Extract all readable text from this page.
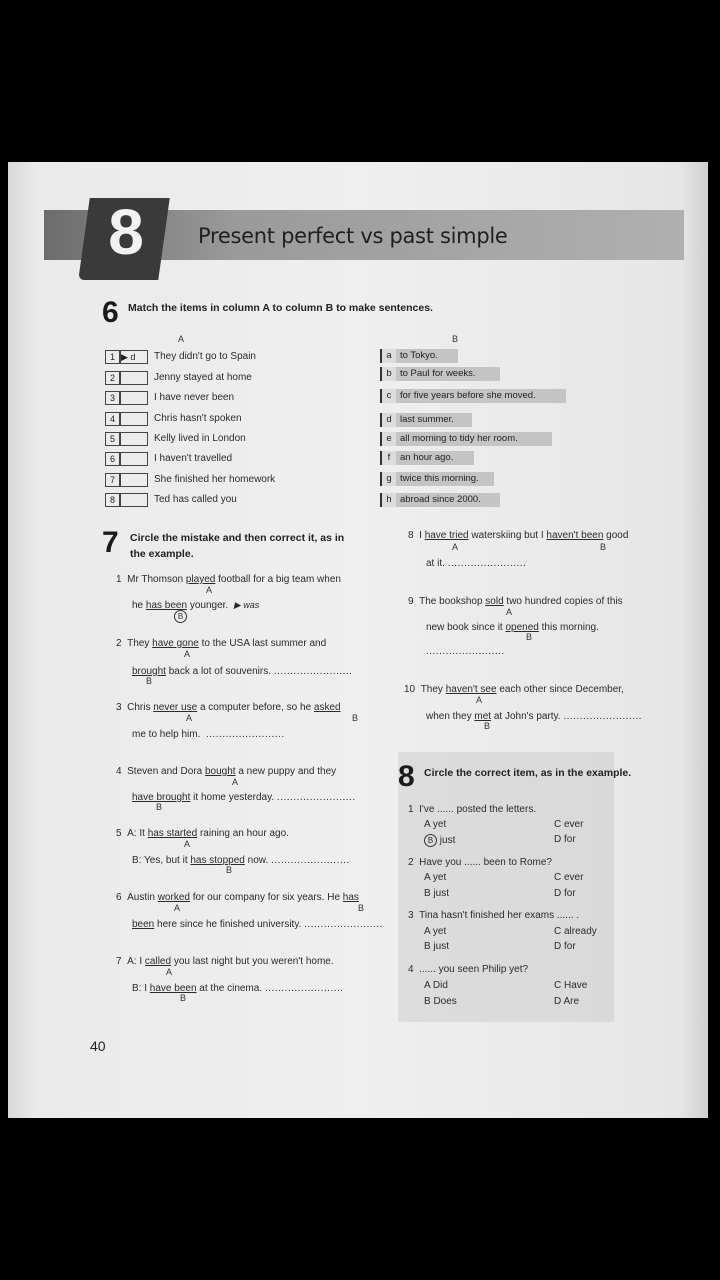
8	Present perfect vs past simple
6 Match the items in column A to column B to make sentences.
A	B
1 ▶ d	They didn't go to Spain
2	Jenny stayed at home
3	I have never been
4	Chris hasn't spoken
5	Kelly lived in London
6	I haven't travelled
7	She finished her homework
8	Ted has called you
a to Tokyo.
b to Paul for weeks.
c for five years before she moved.
d last summer.
e all morning to tidy her room.
f an hour ago.
g twice this morning.
h abroad since 2000.
7 Circle the mistake and then correct it, as in
the example.
1 Mr Thomson played football for a big team when
A
he has been younger. ▶ was
B
2 They have gone to the USA last summer and
A
brought back a lot of souvenirs. ........................
B
3 Chris never use a computer before, so he asked
A	B
me to help him. ........................
4 Steven and Dora bought a new puppy and they
A
have brought it home yesterday. ........................
B
5 A: It has started raining an hour ago.
A
B: Yes, but it has stopped now. ........................
B
6 Austin worked for our company for six years. He has
A	B
been here since he finished university. ........................
7 A: I called you last night but you weren't home.
A
B: I have been at the cinema. ........................
B
8 I have tried waterskiing but I haven't been good
A	B
at it. ........................
9 The bookshop sold two hundred copies of this
A
new book since it opened this morning.
B
........................
10 They haven't see each other since December,
A
when they met at John's party. ........................
B
8 Circle the correct item, as in the example.
1 I've ...... posted the letters.
A yet	C ever
B just	D for
2 Have you ...... been to Rome?
A yet	C ever
B just	D for
3 Tina hasn't finished her exams ...... .
A yet	C already
B just	D for
4 ...... you seen Philip yet?
A Did	C Have
B Does	D Are
40
